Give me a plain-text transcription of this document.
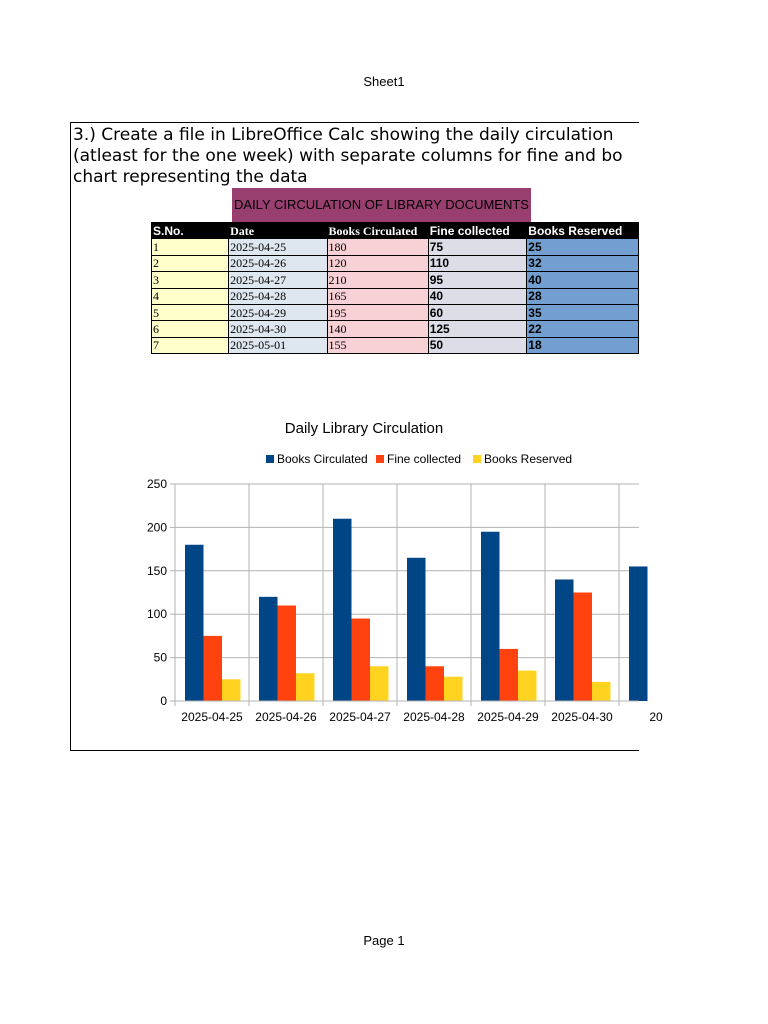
Sheet1
3.) Create a file in LibreOffice Calc showing the daily circulation
(atleast for the one week) with separate columns for fine and bo
chart representing the data
DAILY CIRCULATION OF LIBRARY DOCUMENTS
S.No.	Date	Books Circulated	Fine collected	Books Reserved
1	2025-04-25	180	75	25
2	2025-04-26	120	110	32
3	2025-04-27	210	95	40
4	2025-04-28	165	40	28
5	2025-04-29	195	60	35
6	2025-04-30	140	125	22
7	2025-05-01	155	50	18
Daily Library Circulation
Books Circulated Fine collected Books Reserved
0
50
100
150
200
250
2025-04-25 2025-04-26 2025-04-27 2025-04-28 2025-04-29 2025-04-30	20
Page 1
